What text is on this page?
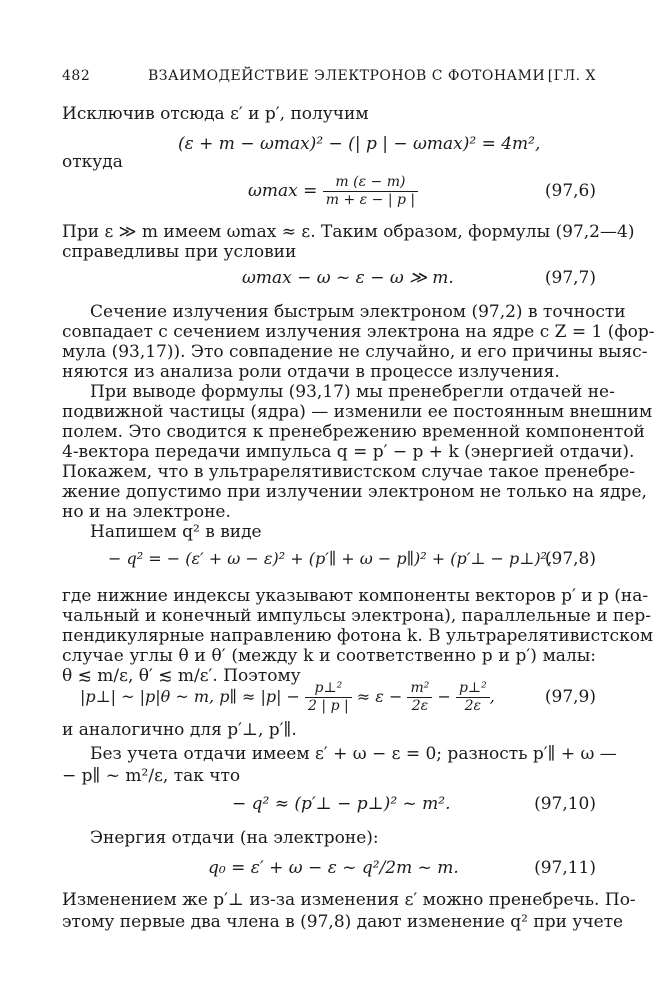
482	ВЗАИМОДЕЙСТВИЕ ЭЛЕКТРОНОВ С ФОТОНАМИ [ГЛ. X
Исключив отсюда ε′ и p′, получим
(ε + m − ωmax)² − (| p | − ωmax)² = 4m²,
откуда
$\omega\max = \frac{m (\varepsilon - m)}{m + \varepsilon - | p |}$	(97,6)
При ε ≫ m имеем ωmax ≈ ε. Таким образом, формулы (97,2—4)
справедливы при условии
ωmax − ω ~ ε − ω ≫ m.	(97,7)
Сечение излучения быстрым электроном (97,2) в точности
совпадает с сечением излучения электрона на ядре с Z = 1 (фор-
мула (93,17)). Это совпадение не случайно, и его причины выяс-
няются из анализа роли отдачи в процессе излучения.
При выводе формулы (93,17) мы пренебрегли отдачей не-
подвижной частицы (ядра) — изменили ее постоянным внешним
полем. Это сводится к пренебрежению временной компонентой
4-вектора передачи импульса q = p′ − p + k (энергией отдачи).
Покажем, что в ультрарелятивистском случае такое пренебре-
жение допустимо при излучении электроном не только на ядре,
но и на электроне.
Напишем q² в виде
− q² = − (ε′ + ω − ε)² + (p′∥ + ω − p∥)² + (p′⊥ − p⊥)²,
(97,8)
где нижние индексы указывают компоненты векторов p′ и p (на-
чальный и конечный импульсы электрона), параллельные и пер-
пендикулярные направлению фотона k. В ультрарелятивистском
случае углы θ и θ′ (между k и соответственно p и p′) малы:
θ ≲ m/ε, θ′ ≲ m/ε′. Поэтому
|p⊥| ~ |p|θ ~ m, p∥ ≈ $|p| - \frac{\text{p⊥²}}{2 | p |} \approx \varepsilon - \frac{\text{m²}}{2\varepsilon} - \frac{\text{p⊥²}}{2\varepsilon}$ ,	(97,9)
и аналогично для p′⊥, p′∥.
Без учета отдачи имеем ε′ + ω − ε = 0; разность p′∥ + ω —
− p∥ ~ m²/ε, так что
− q² ≈ (p′⊥ − p⊥)² ~ m².	(97,10)
Энергия отдачи (на электроне):
q₀ = ε′ + ω − ε ~ q²/2m ~ m.	(97,11)
Изменением же p′⊥ из-за изменения ε′ можно пренебречь. По-
этому первые два члена в (97,8) дают изменение q² при учете
